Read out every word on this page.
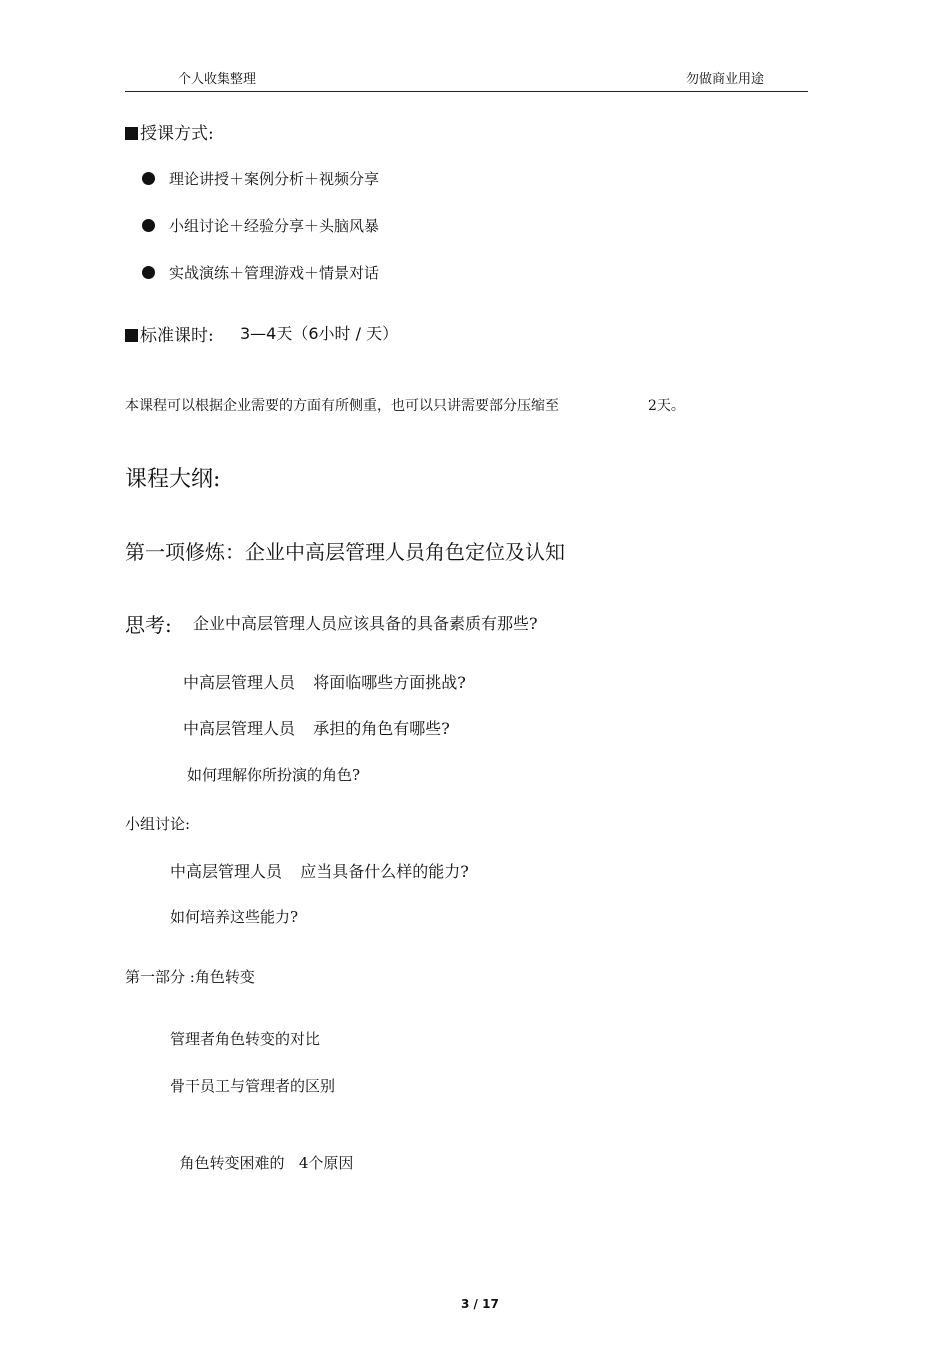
个人收集整理	勿做商业用途
授课方式:
理论讲授＋案例分析＋视频分享
小组讨论＋经验分享＋头脑风暴
实战演练＋管理游戏＋情景对话
标准课时: 3—4天（6小时 / 天）
本课程可以根据企业需要的方面有所侧重，也可以只讲需要部分压缩至	2天。
课程大纲:
第一项修炼：企业中高层管理人员角色定位及认知
思考: 企业中高层管理人员应该具备的具备素质有那些?
中高层管理人员 将面临哪些方面挑战?
中高层管理人员 承担的角色有哪些?
如何理解你所扮演的角色?
小组讨论:
中高层管理人员 应当具备什么样的能力?
如何培养这些能力?
第一部分 :角色转变
管理者角色转变的对比
骨干员工与管理者的区别

角色转变困难的   4个原因

3 / 17
